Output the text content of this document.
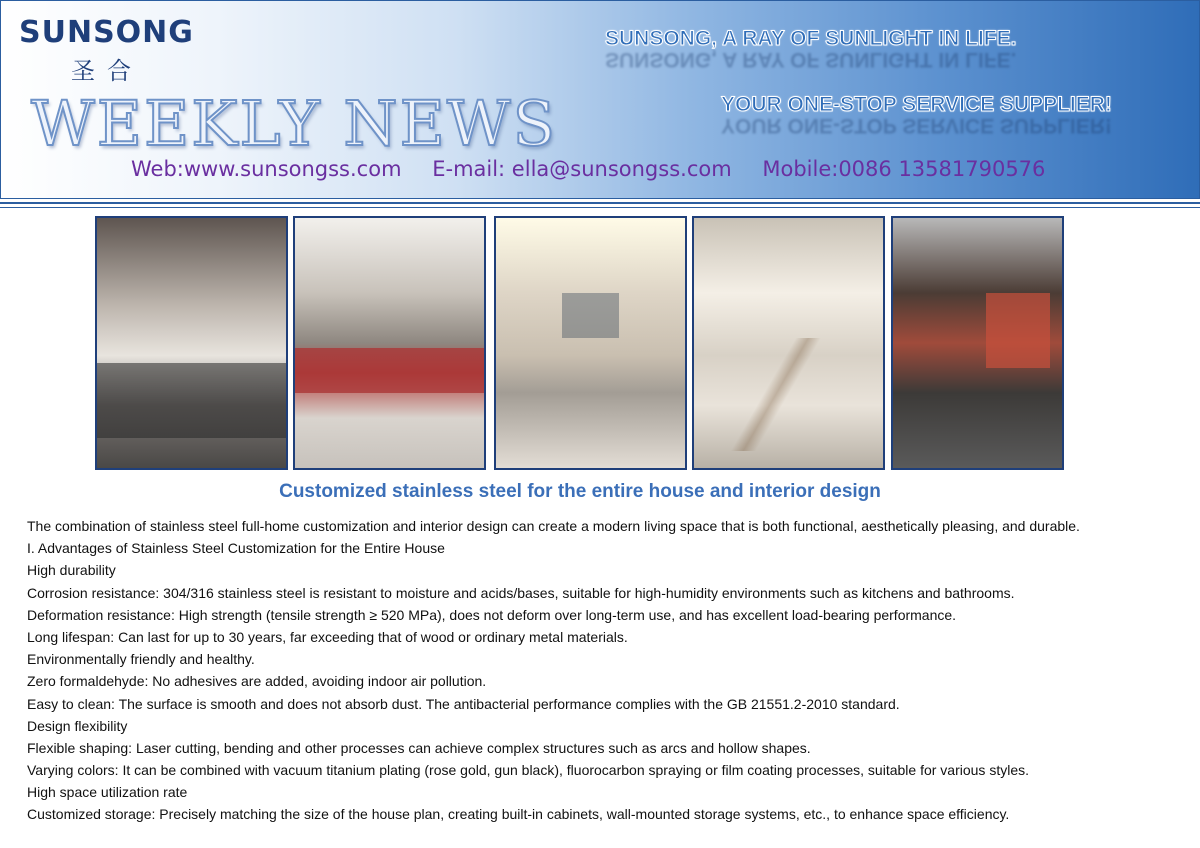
SUNSONG
圣合
WEEKLY NEWS
SUNSONG, A RAY OF SUNLIGHT IN LIFE.
SUNSONG, A RAY OF SUNLIGHT IN LIFE.
YOUR ONE-STOP SERVICE SUPPLIER!
YOUR ONE-STOP SERVICE SUPPLIER!
Web:www.sunsongss.com E-mail: ella@sunsongss.com Mobile:0086 13581790576
Customized stainless steel for the entire house and interior design
The combination of stainless steel full-home customization and interior design can create a modern living space that is both functional, aesthetically pleasing, and durable.
I. Advantages of Stainless Steel Customization for the Entire House
High durability
Corrosion resistance: 304/316 stainless steel is resistant to moisture and acids/bases, suitable for high-humidity environments such as kitchens and bathrooms.
Deformation resistance: High strength (tensile strength ≥ 520 MPa), does not deform over long-term use, and has excellent load-bearing performance.
Long lifespan: Can last for up to 30 years, far exceeding that of wood or ordinary metal materials.
Environmentally friendly and healthy.
Zero formaldehyde: No adhesives are added, avoiding indoor air pollution.
Easy to clean: The surface is smooth and does not absorb dust. The antibacterial performance complies with the GB 21551.2-2010 standard.
Design flexibility
Flexible shaping: Laser cutting, bending and other processes can achieve complex structures such as arcs and hollow shapes.
Varying colors: It can be combined with vacuum titanium plating (rose gold, gun black), fluorocarbon spraying or film coating processes, suitable for various styles.
High space utilization rate
Customized storage: Precisely matching the size of the house plan, creating built-in cabinets, wall-mounted storage systems, etc., to enhance space efficiency.
